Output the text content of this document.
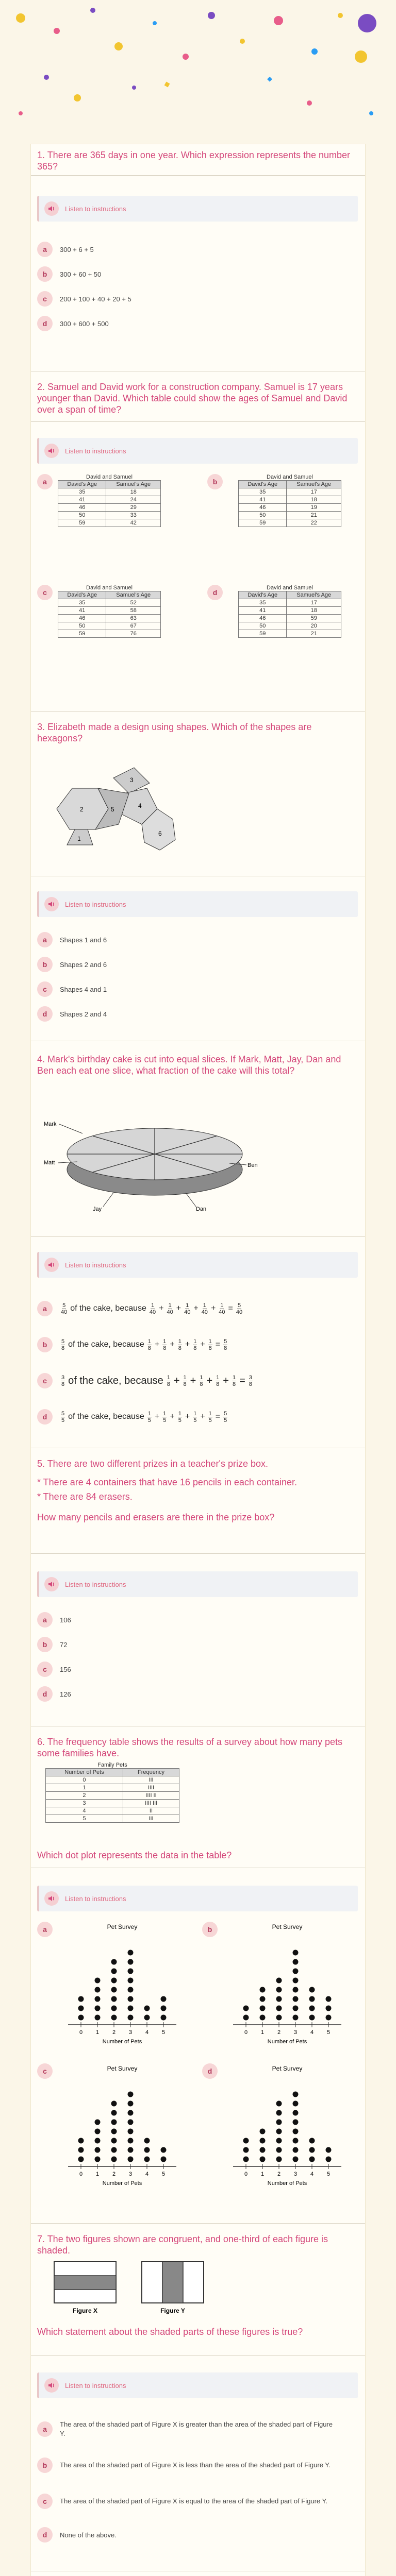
1. There are 365 days in one year. Which expression represents the number 365?

Listen to instructions
a	300 + 6 + 5
b	300 + 60 + 50
c	200 + 100 + 40 + 20 + 5
d	300 + 600 + 500

2. Samuel and David work for a construction company. Samuel is 17 years younger than David. Which table could show the ages of Samuel and David over a span of time?

Listen to instructions
a
David and Samuel
David's Age	Samuel's Age
35	18
41	24
46	29
50	33
59	42
b
David and Samuel
David's Age	Samuel's Age
35	17
41	18
46	19
50	21
59	22
c
David and Samuel
David's Age	Samuel's Age
35	52
41	58
46	63
50	67
59	76
d
David and Samuel
David's Age	Samuel's Age
35	17
41	18
46	59
50	20
59	21

3. Elizabeth made a design using shapes. Which of the shapes are hexagons?

1
2
3
4
5
6
Listen to instructions
a	Shapes 1 and 6
b	Shapes 2 and 6
c	Shapes 4 and 1
d	Shapes 2 and 4

4. Mark's birthday cake is cut into equal slices. If Mark, Matt, Jay, Dan and Ben each eat one slice, what fraction of the cake will this total?

Mark
Matt
Jay	Dan
Ben
Listen to instructions
a	$\frac{5}{40}$ of the cake, because $\frac{1}{40} + \frac{1}{40} + \frac{1}{40} + \frac{1}{40} + \frac{1}{40} = \frac{5}{40}$
b	$\frac{5}{8}$ of the cake, because $\frac{1}{8} + \frac{1}{8} + \frac{1}{8} + \frac{1}{8} + \frac{1}{8} = \frac{5}{8}$
c	$\frac{3}{8}$ of the cake, because $\frac{1}{8} + \frac{1}{8} + \frac{1}{8} + \frac{1}{8} + \frac{1}{8} = \frac{3}{8}$
d	$\frac{5}{5}$ of the cake, because $\frac{1}{5} + \frac{1}{5} + \frac{1}{5} + \frac{1}{5} + \frac{1}{5} = \frac{5}{5}$

5. There are two different prizes in a teacher's prize box.

* There are 4 containers that have 16 pencils in each container.

* There are 84 erasers.

How many pencils and erasers are there in the prize box?

Listen to instructions
a	106
b	72
c	156
d	126

6. The frequency table shows the results of a survey about how many pets some families have.

Family Pets
Number of Pets	Frequency
0	III
1	IIII
2	IIII II
3	IIII III
4	II
5	III

Which dot plot represents the data in the table?

Listen to instructions
a	Pet Survey
0 1 2 3 4 5
Number of Pets
b	Pet Survey
0 1 2 3 4 5
Number of Pets
c	Pet Survey
0 1 2 3 4 5
Number of Pets
d	Pet Survey
0 1 2 3 4 5
Number of Pets

7. The two figures shown are congruent, and one-third of each figure is shaded.

Figure X	Figure Y

Which statement about the shaded parts of these figures is true?

Listen to instructions
a
The area of the shaded part of Figure X is greater than the area of the shaded part of Figure Y.
b	The area of the shaded part of Figure X is less than the area of the shaded part of Figure Y.
c	The area of the shaded part of Figure X is equal to the area of the shaded part of Figure Y.
d	None of the above.
